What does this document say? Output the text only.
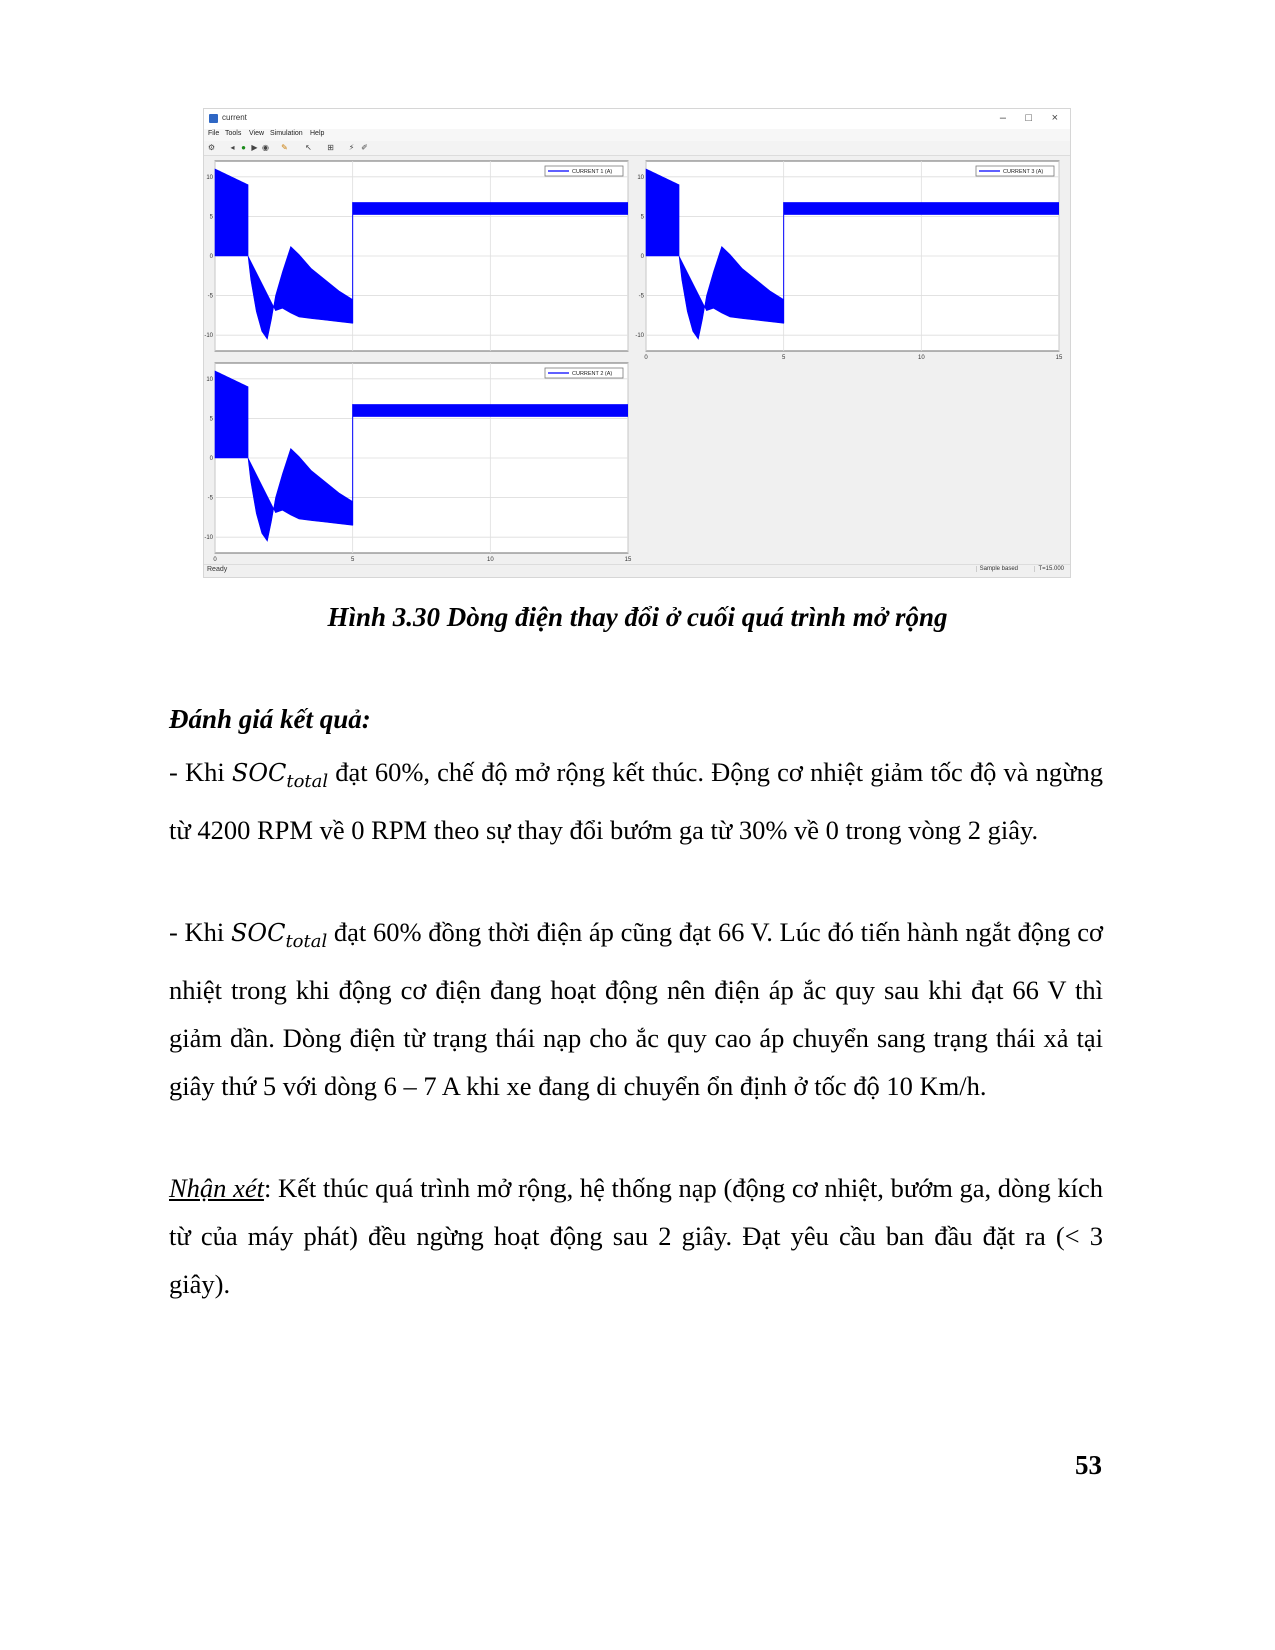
current	– □ ×
File Tools View Simulation Help
⚙	◂ ● ▶ ◉ ✎ ↖ ⊞ ⚡ ✐
10
5
0
-5
-10
CURRENT 1 (A)
10
5
0
-5
-10
0	5	10	15
CURRENT 3 (A)
10
5
0
-5
-10
0	5	10	15
CURRENT 2 (A)
Ready	Sample based	T=15.000
Hình 3.30 Dòng điện thay đổi ở cuối quá trình mở rộng
Đánh giá kết quả:

- Khi $SOC_{total}$ đạt 60%, chế độ mở rộng kết thúc. Động cơ nhiệt giảm tốc độ và ngừng từ 4200 RPM về 0 RPM theo sự thay đổi bướm ga từ 30% về 0 trong vòng 2 giây.

- Khi $SOC_{total}$ đạt 60% đồng thời điện áp cũng đạt 66 V. Lúc đó tiến hành ngắt động cơ nhiệt trong khi động cơ điện đang hoạt động nên điện áp ắc quy sau khi đạt 66 V thì giảm dần. Dòng điện từ trạng thái nạp cho ắc quy cao áp chuyển sang trạng thái xả tại giây thứ 5 với dòng 6 – 7 A khi xe đang di chuyển ổn định ở tốc độ 10 Km/h.

Nhận xét: Kết thúc quá trình mở rộng, hệ thống nạp (động cơ nhiệt, bướm ga, dòng kích từ của máy phát) đều ngừng hoạt động sau 2 giây. Đạt yêu cầu ban đầu đặt ra (< 3 giây).

53
